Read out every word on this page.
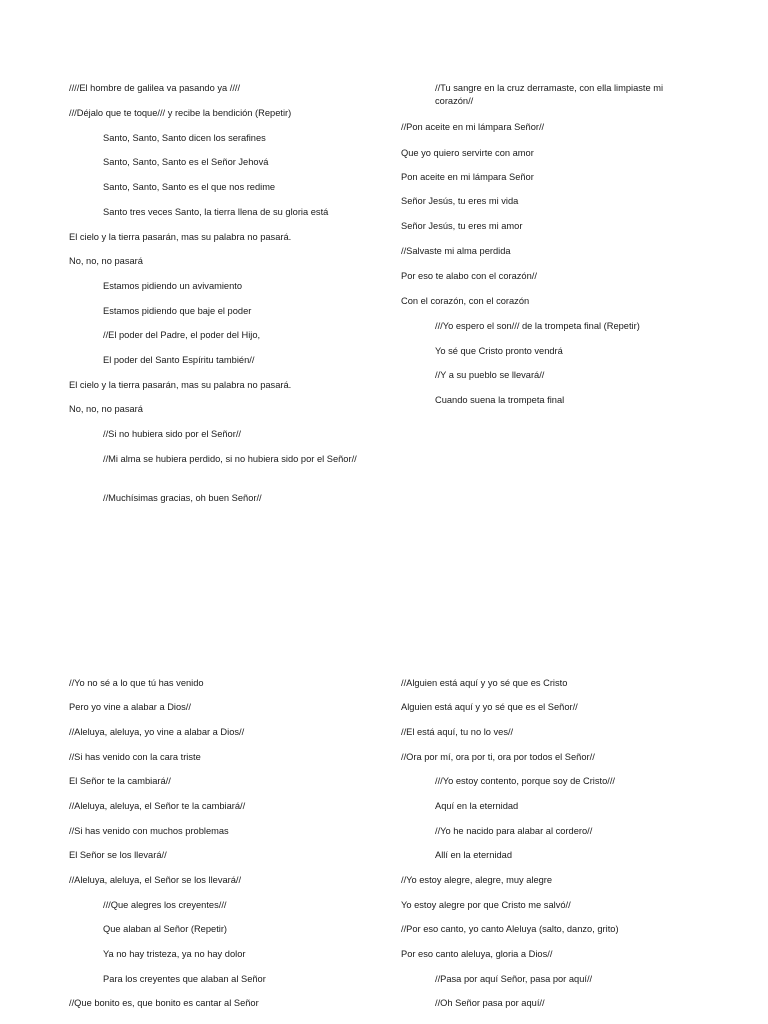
////El hombre de galilea va pasando ya ////
///Déjalo que te toque/// y recibe la bendición (Repetir)
Santo, Santo, Santo dicen los serafines
Santo, Santo, Santo es el Señor Jehová
Santo, Santo, Santo es el que nos redime
Santo tres veces Santo, la tierra llena de su gloria está
El cielo y la tierra pasarán, mas su palabra no pasará.
No, no, no pasará
Estamos pidiendo un avivamiento
Estamos pidiendo que baje el poder
//El poder del Padre, el poder del Hijo,
El poder del Santo Espíritu también//
El cielo y la tierra pasarán, mas su palabra no pasará.
No, no, no pasará
//Si no hubiera sido por el Señor//
//Mi alma se hubiera perdido, si no hubiera sido por el Señor//
//Muchísimas gracias, oh buen Señor//
//Tu sangre en la cruz derramaste, con ella limpiaste mi corazón//
//Pon aceite en mi lámpara Señor//
Que yo quiero servirte con amor
Pon aceite en mi lámpara Señor
Señor Jesús, tu eres mi vida
Señor Jesús, tu eres mi amor
//Salvaste mi alma perdida
Por eso te alabo con el corazón//
Con el corazón, con el corazón
///Yo espero el son/// de la trompeta final (Repetir)
Yo sé que Cristo pronto vendrá
//Y a su pueblo se llevará//
Cuando suena la trompeta final
//Yo no sé a lo que tú has venido
Pero yo vine a alabar a Dios//
//Aleluya, aleluya, yo vine a alabar a Dios//
//Si has venido con la cara triste
El Señor te la cambiará//
//Aleluya, aleluya, el Señor te la cambiará//
//Si has venido con muchos problemas
El Señor se los llevará//
//Aleluya, aleluya, el Señor se los llevará//
///Que alegres los creyentes///
Que alaban al Señor (Repetir)
Ya no hay tristeza, ya no hay dolor
Para los creyentes que alaban al Señor
//Que bonito es, que bonito es cantar al Señor
//Alguien está aquí y yo sé que es Cristo
Alguien está aquí y yo sé que es el Señor//
//El está aquí, tu no lo ves//
//Ora por mí, ora por ti, ora por todos el Señor//
///Yo estoy contento, porque soy de Cristo///
Aquí en la eternidad
//Yo he nacido para alabar al cordero//
Allí en la eternidad
//Yo estoy alegre, alegre, muy alegre
Yo estoy alegre por que Cristo me salvó//
//Por eso canto, yo canto Aleluya (salto, danzo, grito)
Por eso canto aleluya, gloria a Dios//
//Pasa por aquí Señor, pasa por aquí//
//Oh Señor pasa por aquí//
